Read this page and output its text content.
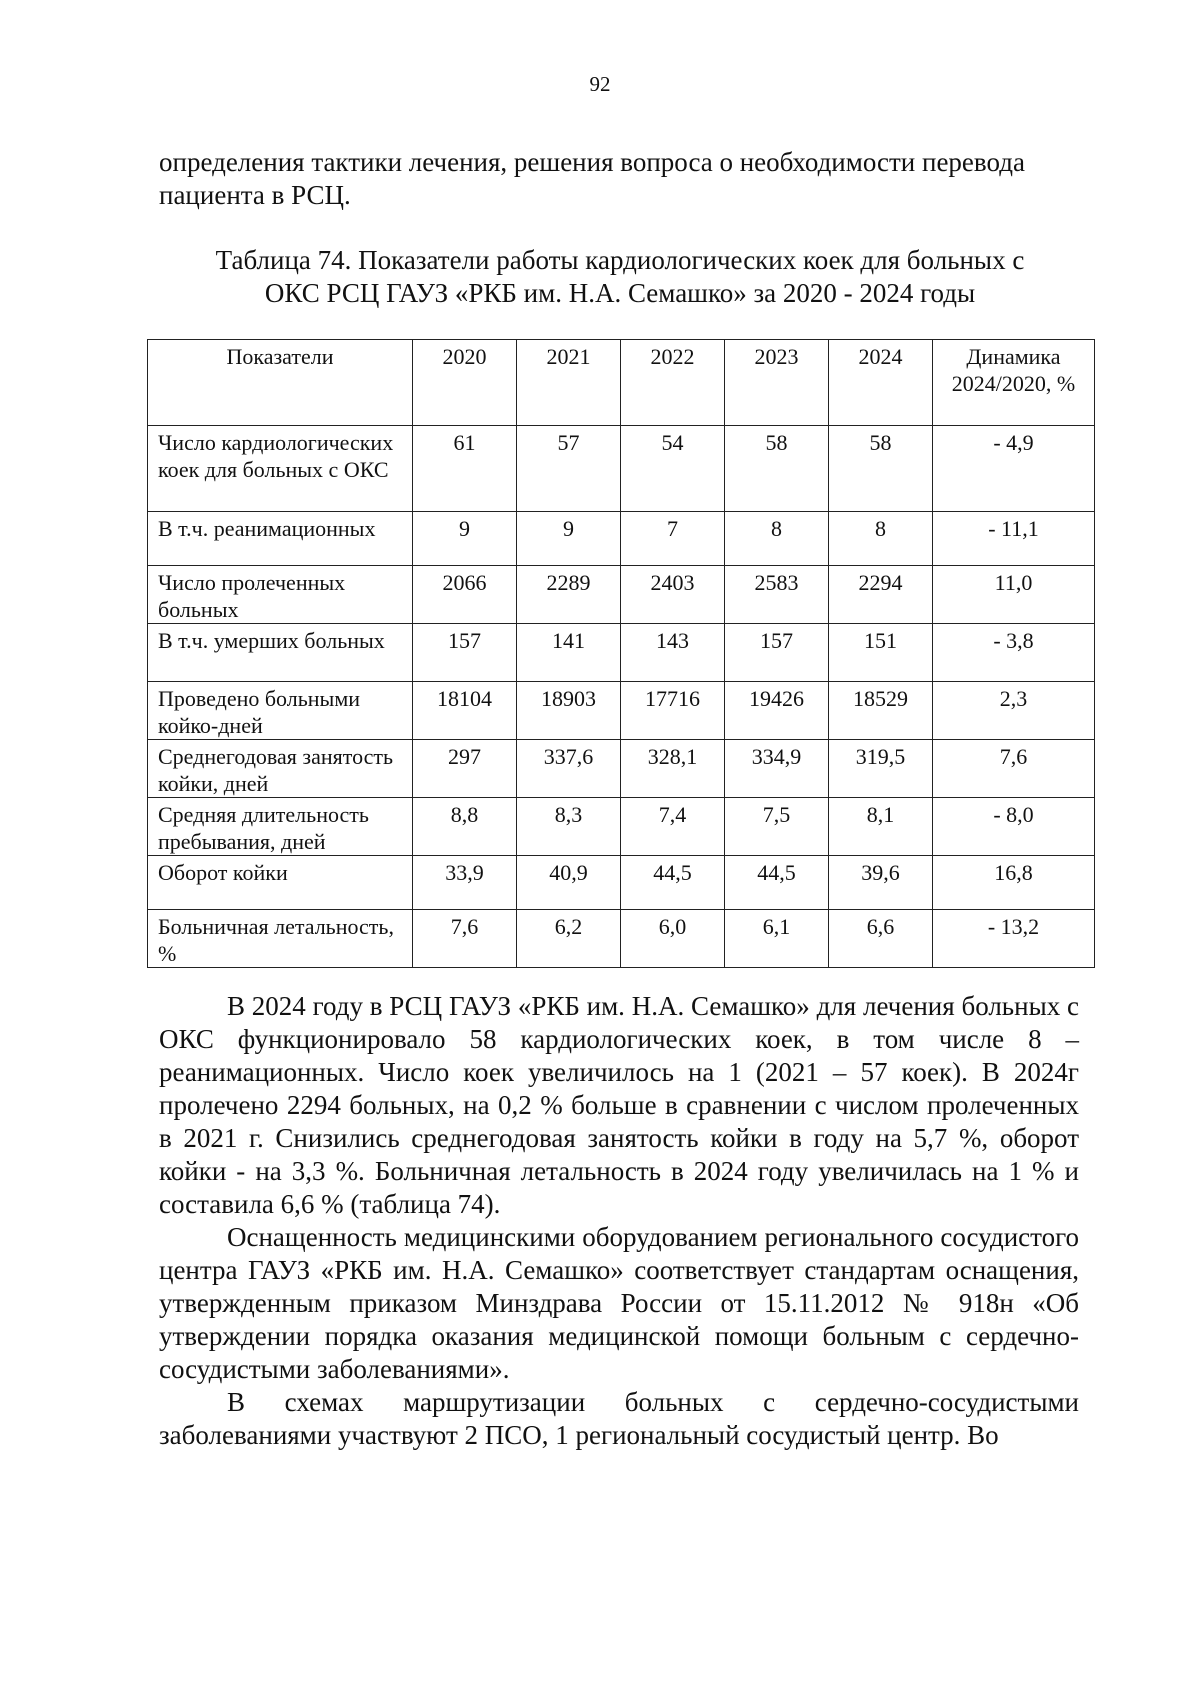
92

определения тактики лечения, решения вопроса о необходимости перевода пациента в РСЦ.

Таблица 74. Показатели работы кардиологических коек для больных с
ОКС РСЦ ГАУЗ «РКБ им. Н.А. Семашко» за 2020 - 2024 годы

Показатели	2020	2021	2022	2023	2024	Динамика 2024/2020, %
Число кардиологических коек для больных с ОКС	61	57	54	58	58	- 4,9
В т.ч. реанимационных	9	9	7	8	8	- 11,1
Число пролеченных больных	2066	2289	2403	2583	2294	11,0
В т.ч. умерших больных	157	141	143	157	151	- 3,8
Проведено больными койко-дней	18104	18903	17716	19426	18529	2,3
Среднегодовая занятость койки, дней	297	337,6	328,1	334,9	319,5	7,6
Средняя длительность пребывания, дней	8,8	8,3	7,4	7,5	8,1	- 8,0
Оборот койки	33,9	40,9	44,5	44,5	39,6	16,8
Больничная летальность, %	7,6	6,2	6,0	6,1	6,6	- 13,2

В 2024 году в РСЦ ГАУЗ «РКБ им. Н.А. Семашко» для лечения больных с ОКС функционировало 58 кардиологических коек, в том числе 8 – реанимационных. Число коек увеличилось на 1 (2021 – 57 коек). В 2024г пролечено 2294 больных, на 0,2 % больше в сравнении с числом пролеченных в 2021 г. Снизились среднегодовая занятость койки в году на 5,7 %, оборот койки - на 3,3 %. Больничная летальность в 2024 году увеличилась на 1 % и составила 6,6 % (таблица 74).

Оснащенность медицинскими оборудованием регионального сосудистого центра ГАУЗ «РКБ им. Н.А. Семашко» соответствует стандартам оснащения, утвержденным приказом Минздрава России от 15.11.2012 № 918н «Об утверждении порядка оказания медицинской помощи больным с сердечно-сосудистыми заболеваниями».

В схемах маршрутизации больных с сердечно-сосудистыми заболеваниями участвуют 2 ПСО, 1 региональный сосудистый центр. Во
